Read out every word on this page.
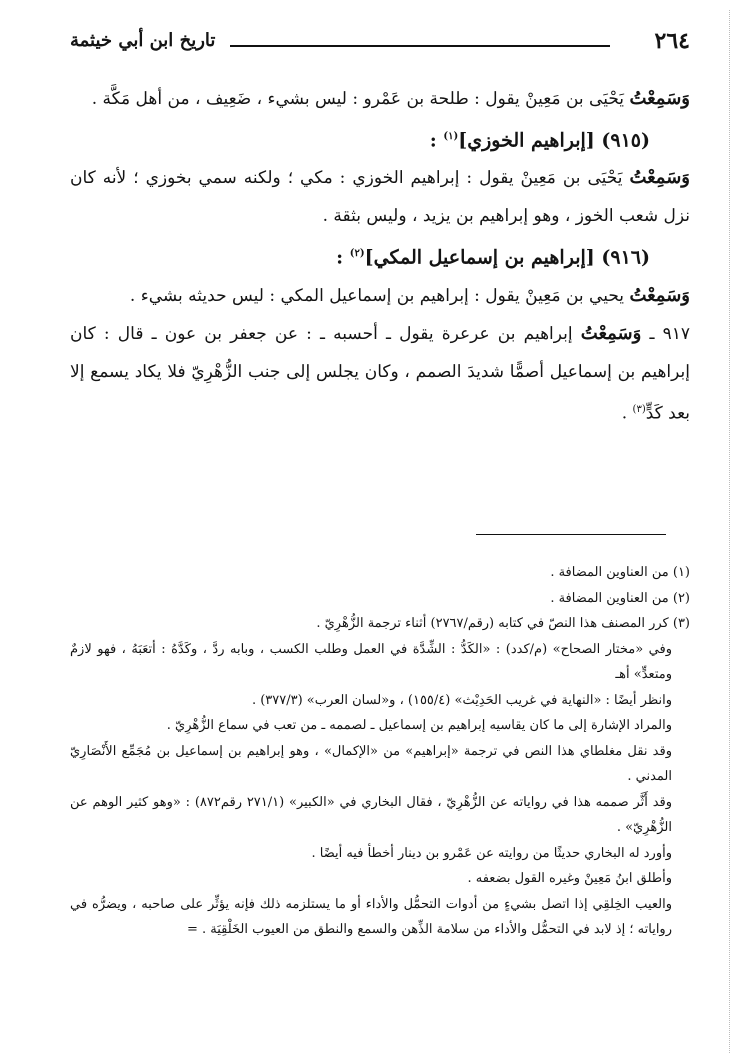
٢٦٤
تاريخ ابن أبي خيثمة

وَسَمِعْتُ يَحْيَى بن مَعِينْ يقول : طلحة بن عَمْرو : ليس بشيء ، ضَعِيف ، من أهل مَكَّة .

(٩١٥) [إبراهيم الخوزي]$^{(١)}$ :

وَسَمِعْتُ يَحْيَى بن مَعِينْ يقول : إبراهيم الخوزي : مكي ؛ ولكنه سمي بخوزي ؛ لأنه كان نزل شعب الخوز ، وهو إبراهيم بن يزيد ، وليس بثقة .

(٩١٦) [إبراهيم بن إسماعيل المكي]$^{(٢)}$ :

وَسَمِعْتُ يحيي بن مَعِينْ يقول : إبراهيم بن إسماعيل المكي : ليس حديثه بشيء .

٩١٧ ـ وَسَمِعْتُ إبراهيم بن عرعرة يقول ـ أحسبه ـ : عن جعفر بن عون ـ قال : كان إبراهيم بن إسماعيل أصمًّا شديدَ الصمم ، وكان يجلس إلى جنب الزُّهْرِيّ فلا يكاد يسمع إلا بعد كَدٍّ$^{(٣)}$ .

(١) من العناوين المضافة .

(٢) من العناوين المضافة .

(٣) كرر المصنف هذا النصّ في كتابه (رقم/٢٧٦٧) أثناء ترجمة الزُّهْرِيّ .

وفي «مختار الصحاح» (م/كدد) : «الكَدُّ : الشِّدَّة في العمل وطلب الكسب ، وبابه ردَّ ، وكَدَّهُ : أتعَبَهُ ، فهو لازمٌ ومتعدٍّ» أهـ

وانظر أيضًا : «النهاية في غريب الحَدِيْث» (١٥٥/٤) ، و«لسان العرب» (٣٧٧/٣) .

والمراد الإشارة إلى ما كان يقاسيه إبراهيم بن إسماعيل ـ لصممه ـ من تعب في سماع الزُّهْرِيّ .

وقد نقل مغلطاي هذا النص في ترجمة «إبراهيم» من «الإكمال» ، وهو إبراهيم بن إسماعيل بن مُجَمِّع الأَنْصَارِيّ المدني .

وقد أَثَّر صممه هذا في رواياته عن الزُّهْرِيّ ، فقال البخاري في «الكبير» (٢٧١/١ رقم٨٧٢) : «وهو كثير الوهم عن الزُّهْرِيّ» .

وأورد له البخاري حديثًا من روايته عن عَمْرو بن دينار أخطأ فيه أيضًا .

وأطلق ابنُ مَعِينْ وغيره القول بضعفه .

والعيب الخِلقِي إذا اتصل بشيءٍ من أدوات التحمُّل والأداء أو ما يستلزمه ذلك فإنه يؤثِّر على صاحبه ، ويضرُّه في رواياته ؛ إذ لابد في التحمُّل والأداء من سلامة الذِّهن والسمع والنطق من العيوب الخَلْقِيَة . =
